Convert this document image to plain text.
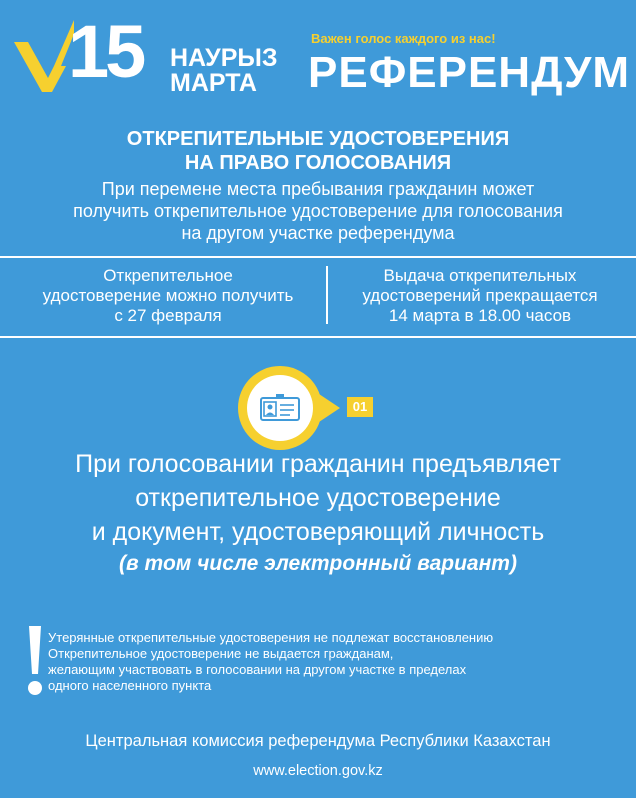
15 НАУРЫЗ
МАРТА
Важен голос каждого из нас!
РЕФЕРЕНДУМ
ОТКРЕПИТЕЛЬНЫЕ УДОСТОВЕРЕНИЯ
НА ПРАВО ГОЛОСОВАНИЯ
При перемене места пребывания гражданин может
получить открепительное удостоверение для голосования
на другом участке референдума
Открепительное
удостоверение можно получить
с 27 февраля
Выдача открепительных
удостоверений прекращается
14 марта в 18.00 часов
01
При голосовании гражданин предъявляет
открепительное удостоверение
и документ, удостоверяющий личность
(в том числе электронный вариант)
Утерянные открепительные удостоверения не подлежат восстановлению
Открепительное удостоверение не выдается гражданам,
желающим участвовать в голосовании на другом участке в пределах
одного населенного пункта
Центральная комиссия референдума Республики Казахстан
www.election.gov.kz
